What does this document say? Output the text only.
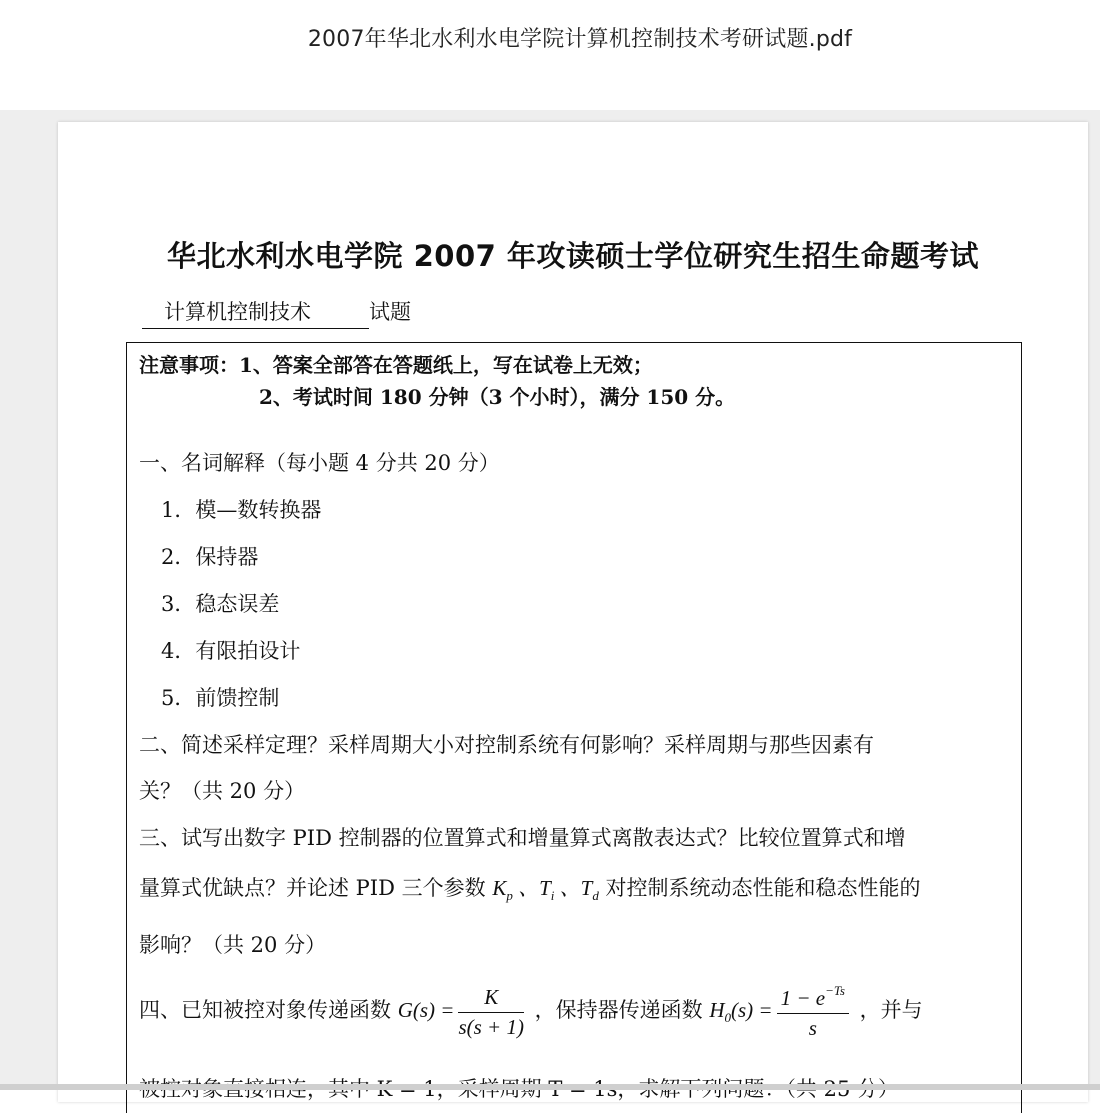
2007年华北水利水电学院计算机控制技术考研试题.pdf
华北水利水电学院 2007 年攻读硕士学位研究生招生命题考试
计算机控制技术	试题
注意事项：1、答案全部答在答题纸上，写在试卷上无效；
2、考试时间 180 分钟（3 个小时），满分 150 分。
一、名词解释（每小题 4 分共 20 分）
1．模—数转换器
2．保持器
3．稳态误差
4．有限拍设计
5．前馈控制
二、简述采样定理？采样周期大小对控制系统有何影响？采样周期与那些因素有
关？（共 20 分）
三、试写出数字 PID 控制器的位置算式和增量算式离散表达式？比较位置算式和增
量算式优缺点？并论述 PID 三个参数 $K_p$ 、$T_i$ 、$T_d$ 对控制系统动态性能和稳态性能的
影响？（共 20 分）
四、已知被控对象传递函数 $G(s) = \frac{K}{s(s + 1)}$ ，保持器传递函数 $H_0(s) = \frac{1 - e^{-Ts}}{s}$ ，并与
